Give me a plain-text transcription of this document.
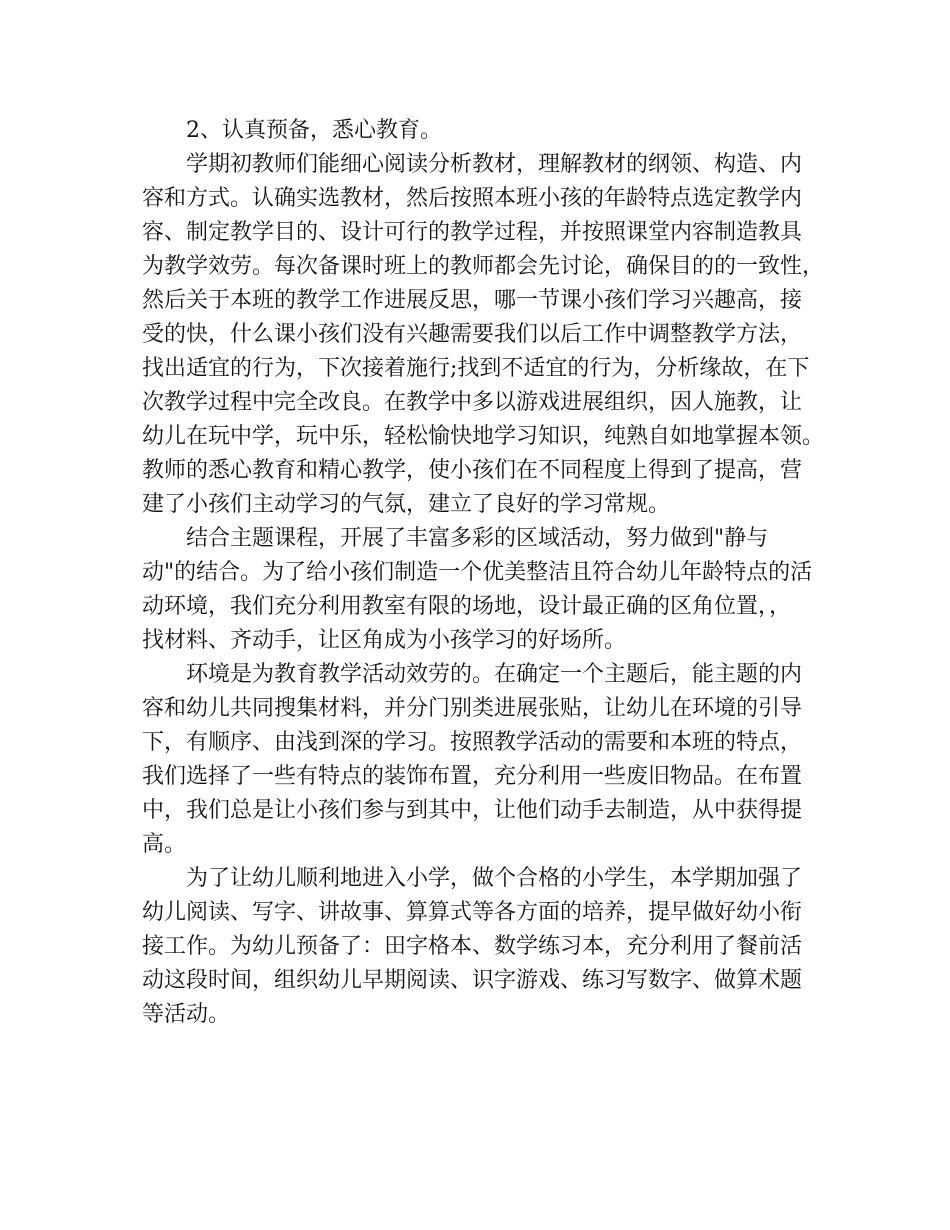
2、认真预备，悉心教育。
学期初教师们能细心阅读分析教材，理解教材的纲领、构造、内
容和方式。认确实选教材，然后按照本班小孩的年龄特点选定教学内
容、制定教学目的、设计可行的教学过程，并按照课堂内容制造教具
为教学效劳。每次备课时班上的教师都会先讨论，确保目的的一致性，
然后关于本班的教学工作进展反思，哪一节课小孩们学习兴趣高，接
受的快，什么课小孩们没有兴趣需要我们以后工作中调整教学方法，
找出适宜的行为，下次接着施行;找到不适宜的行为，分析缘故，在下
次教学过程中完全改良。在教学中多以游戏进展组织，因人施教，让
幼儿在玩中学，玩中乐，轻松愉快地学习知识，纯熟自如地掌握本领。
教师的悉心教育和精心教学，使小孩们在不同程度上得到了提高，营
建了小孩们主动学习的气氛，建立了良好的学习常规。
结合主题课程，开展了丰富多彩的区域活动，努力做到"静与
动"的结合。为了给小孩们制造一个优美整洁且符合幼儿年龄特点的活
动环境，我们充分利用教室有限的场地，设计最正确的区角位置，，
找材料、齐动手，让区角成为小孩学习的好场所。
环境是为教育教学活动效劳的。在确定一个主题后，能主题的内
容和幼儿共同搜集材料，并分门别类进展张贴，让幼儿在环境的引导
下，有顺序、由浅到深的学习。按照教学活动的需要和本班的特点，
我们选择了一些有特点的装饰布置，充分利用一些废旧物品。在布置
中，我们总是让小孩们参与到其中，让他们动手去制造，从中获得提
高。
为了让幼儿顺利地进入小学，做个合格的小学生，本学期加强了
幼儿阅读、写字、讲故事、算算式等各方面的培养，提早做好幼小衔
接工作。为幼儿预备了：田字格本、数学练习本，充分利用了餐前活
动这段时间，组织幼儿早期阅读、识字游戏、练习写数字、做算术题
等活动。
